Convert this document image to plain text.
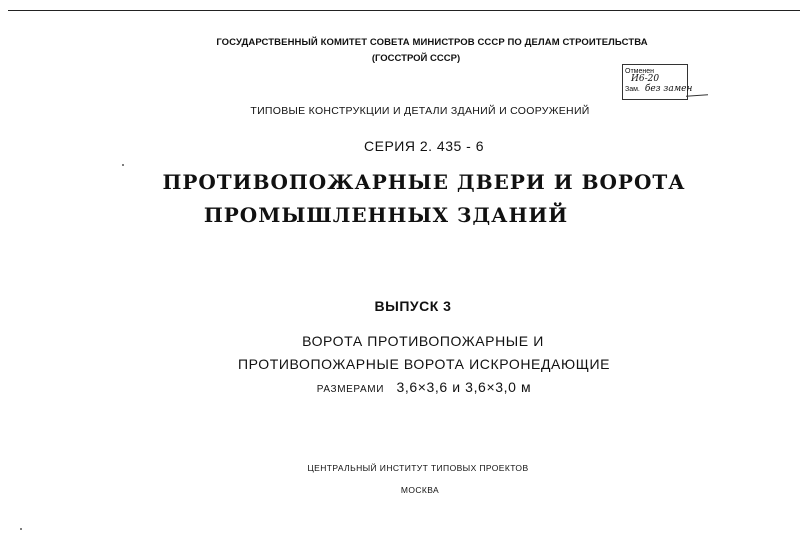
ГОСУДАРСТВЕННЫЙ КОМИТЕТ СОВЕТА МИНИСТРОВ СССР ПО ДЕЛАМ СТРОИТЕЛЬСТВА
(ГОССТРОЙ СССР)
Отменен
И6-20
Зам. без замен
ТИПОВЫЕ КОНСТРУКЦИИ И ДЕТАЛИ ЗДАНИЙ И СООРУЖЕНИЙ
СЕРИЯ 2. 435 - 6
ПРОТИВОПОЖАРНЫЕ ДВЕРИ И ВОРОТА
ПРОМЫШЛЕННЫХ ЗДАНИЙ
ВЫПУСК 3
ВОРОТА ПРОТИВОПОЖАРНЫЕ И
ПРОТИВОПОЖАРНЫЕ ВОРОТА ИСКРОНЕДАЮЩИЕ
РАЗМЕРАМИ 3,6×3,6 и 3,6×3,0 м
ЦЕНТРАЛЬНЫЙ ИНСТИТУТ ТИПОВЫХ ПРОЕКТОВ
МОСКВА
